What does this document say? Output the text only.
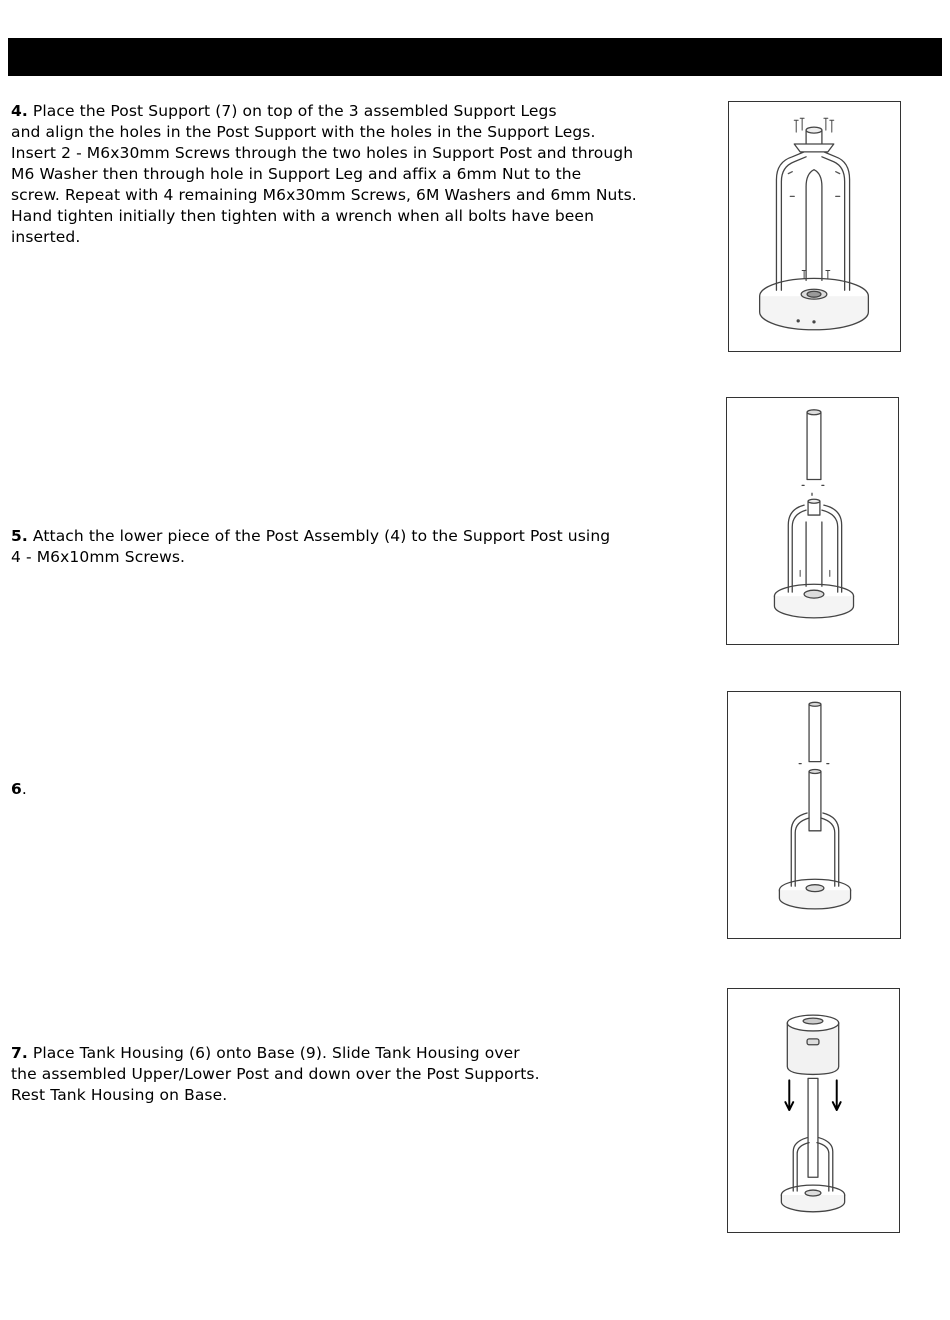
4. Place the Post Support (7) on top of the 3 assembled Support Legs
and align the holes in the Post Support with the holes in the Support Legs.
Insert 2 - M6x30mm Screws through the two holes in Support Post and through
M6 Washer then through hole in Support Leg and affix a 6mm Nut to the
screw. Repeat with 4 remaining M6x30mm Screws, 6M Washers and 6mm Nuts.
Hand tighten initially then tighten with a wrench when all bolts have been
inserted.
5. Attach the lower piece of the Post Assembly (4) to the Support Post using
4 - M6x10mm Screws.
6.
7. Place Tank Housing (6) onto Base (9). Slide Tank Housing over
the assembled Upper/Lower Post and down over the Post Supports.
Rest Tank Housing on Base.
